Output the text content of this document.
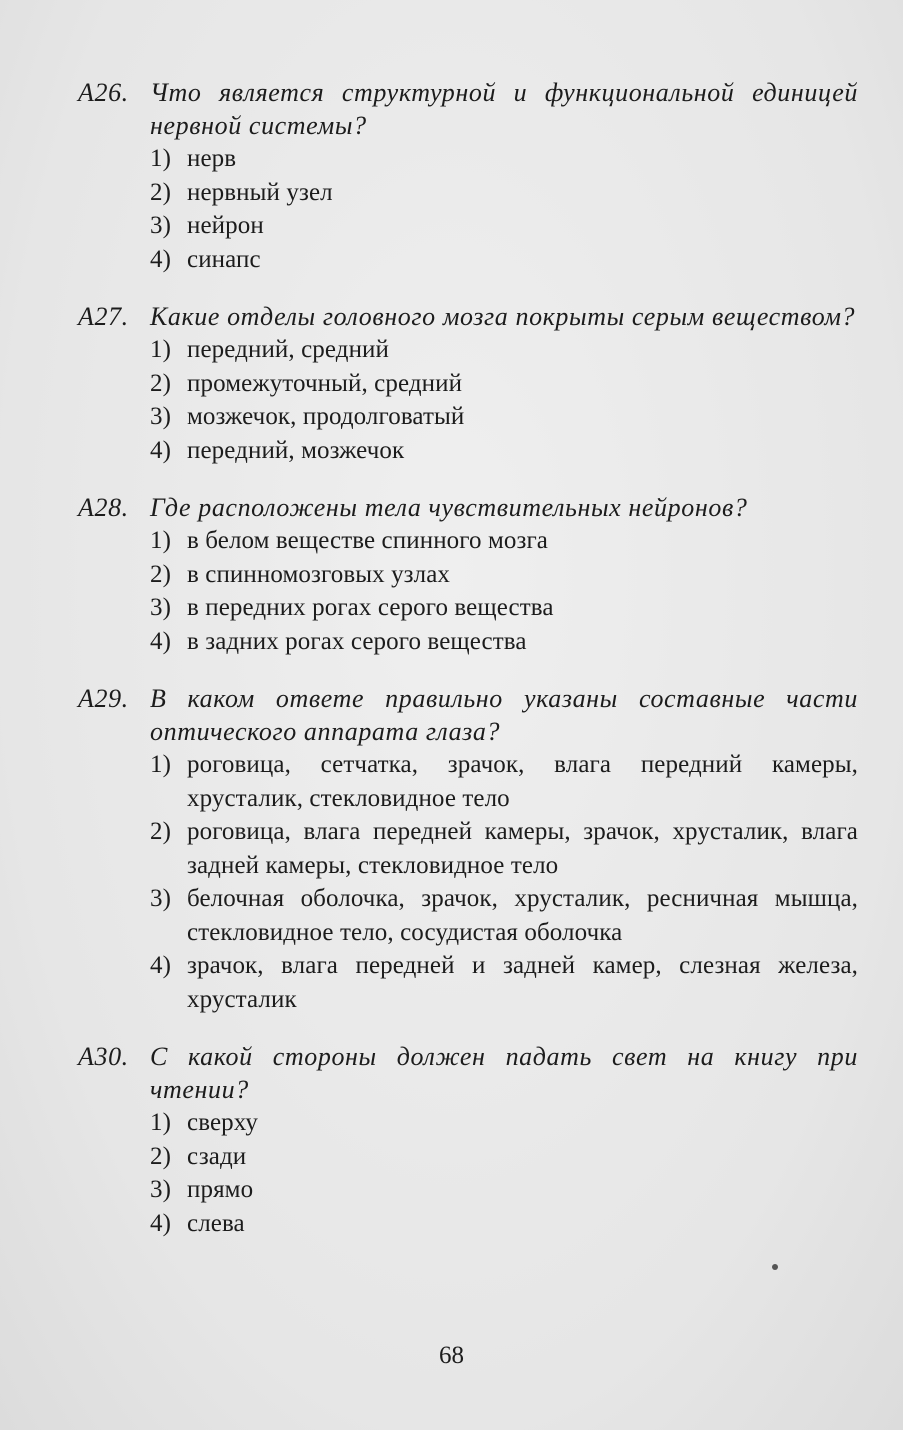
A26. Что является структурной и функциональной единицей нервной системы?
1) нерв
2) нервный узел
3) нейрон
4) синапс
A27. Какие отделы головного мозга покрыты серым веществом?
1) передний, средний
2) промежуточный, средний
3) мозжечок, продолговатый
4) передний, мозжечок
A28. Где расположены тела чувствительных нейронов?
1) в белом веществе спинного мозга
2) в спинномозговых узлах
3) в передних рогах серого вещества
4) в задних рогах серого вещества
A29. В каком ответе правильно указаны составные части оптического аппарата глаза?
1) роговица, сетчатка, зрачок, влага передний камеры, хрусталик, стекловидное тело
2) роговица, влага передней камеры, зрачок, хрусталик, влага задней камеры, стекловидное тело
3) белочная оболочка, зрачок, хрусталик, ресничная мышца, стекловидное тело, сосудистая оболочка
4) зрачок, влага передней и задней камер, слезная железа, хрусталик
A30. С какой стороны должен падать свет на книгу при чтении?
1) сверху
2) сзади
3) прямо
4) слева
68
